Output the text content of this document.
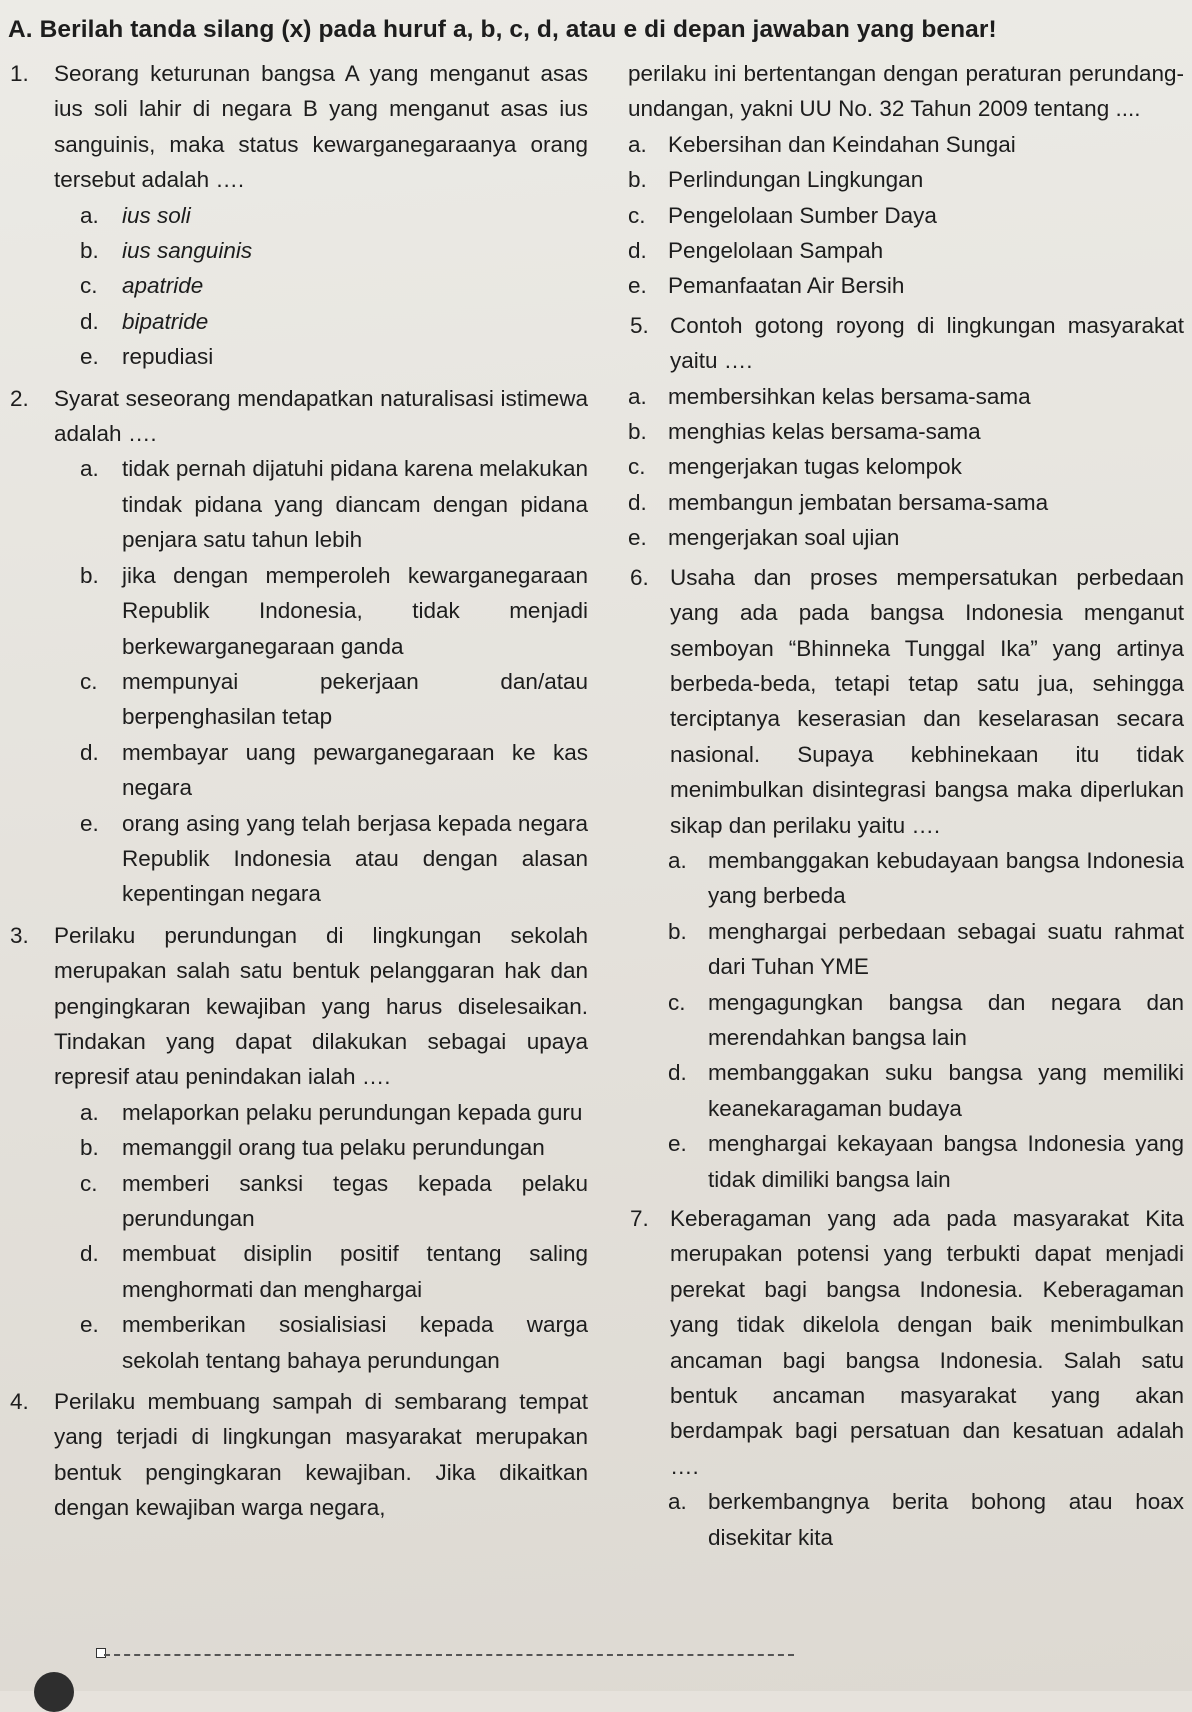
A. Berilah tanda silang (x) pada huruf a, b, c, d, atau e di depan jawaban yang benar!
1.	Seorang keturunan bangsa A yang menganut asas ius soli lahir di negara B yang menganut asas ius sanguinis, maka status kewarganegaraanya orang tersebut adalah ….
a.	ius soli
b.	ius sanguinis
c.	apatride
d.	bipatride
e.	repudiasi
2.	Syarat seseorang mendapatkan naturalisasi istimewa adalah ….
a.	tidak pernah dijatuhi pidana karena melakukan tindak pidana yang diancam dengan pidana penjara satu tahun lebih
b.	jika dengan memperoleh kewarganegaraan Republik Indonesia, tidak menjadi berkewarganegaraan ganda
c.	mempunyai pekerjaan dan/atau berpenghasilan tetap
d.	membayar uang pewarganegaraan ke kas negara
e.	orang asing yang telah berjasa kepada negara Republik Indonesia atau dengan alasan kepentingan negara
3.	Perilaku perundungan di lingkungan sekolah merupakan salah satu bentuk pelanggaran hak dan pengingkaran kewajiban yang harus diselesaikan. Tindakan yang dapat dilakukan sebagai upaya represif atau penindakan ialah ….
a.	melaporkan pelaku perundungan kepada guru
b.	memanggil orang tua pelaku perundungan
c.	memberi sanksi tegas kepada pelaku perundungan
d.	membuat disiplin positif tentang saling menghormati dan menghargai
e.	memberikan sosialisiasi kepada warga sekolah tentang bahaya perundungan
4.	Perilaku membuang sampah di sembarang tempat yang terjadi di lingkungan masyarakat merupakan bentuk pengingkaran kewajiban. Jika dikaitkan dengan kewajiban warga negara,
perilaku ini bertentangan dengan peraturan perundang-undangan, yakni UU No. 32 Tahun 2009 tentang ....
a. Kebersihan dan Keindahan Sungai
b. Perlindungan Lingkungan
c. Pengelolaan Sumber Daya
d. Pengelolaan Sampah
e. Pemanfaatan Air Bersih
5. Contoh gotong royong di lingkungan masyarakat yaitu ….
a. membersihkan kelas bersama-sama
b. menghias kelas bersama-sama
c. mengerjakan tugas kelompok
d. membangun jembatan bersama-sama
e. mengerjakan soal ujian
6. Usaha dan proses mempersatukan perbedaan yang ada pada bangsa Indonesia menganut semboyan “Bhinneka Tunggal Ika” yang artinya berbeda-beda, tetapi tetap satu jua, sehingga terciptanya keserasian dan keselarasan secara nasional. Supaya kebhinekaan itu tidak menimbulkan disintegrasi bangsa maka diperlukan sikap dan perilaku yaitu ….
a. membanggakan kebudayaan bangsa Indonesia yang berbeda
b. menghargai perbedaan sebagai suatu rahmat dari Tuhan YME
c. mengagungkan bangsa dan negara dan merendahkan bangsa lain
d. membanggakan suku bangsa yang memiliki keanekaragaman budaya
e. menghargai kekayaan bangsa Indonesia yang tidak dimiliki bangsa lain
7. Keberagaman yang ada pada masyarakat Kita merupakan potensi yang terbukti dapat menjadi perekat bagi bangsa Indonesia. Keberagaman yang tidak dikelola dengan baik menimbulkan ancaman bagi bangsa Indonesia. Salah satu bentuk ancaman masyarakat yang akan berdampak bagi persatuan dan kesatuan adalah ….
a. berkembangnya berita bohong atau hoax disekitar kita
